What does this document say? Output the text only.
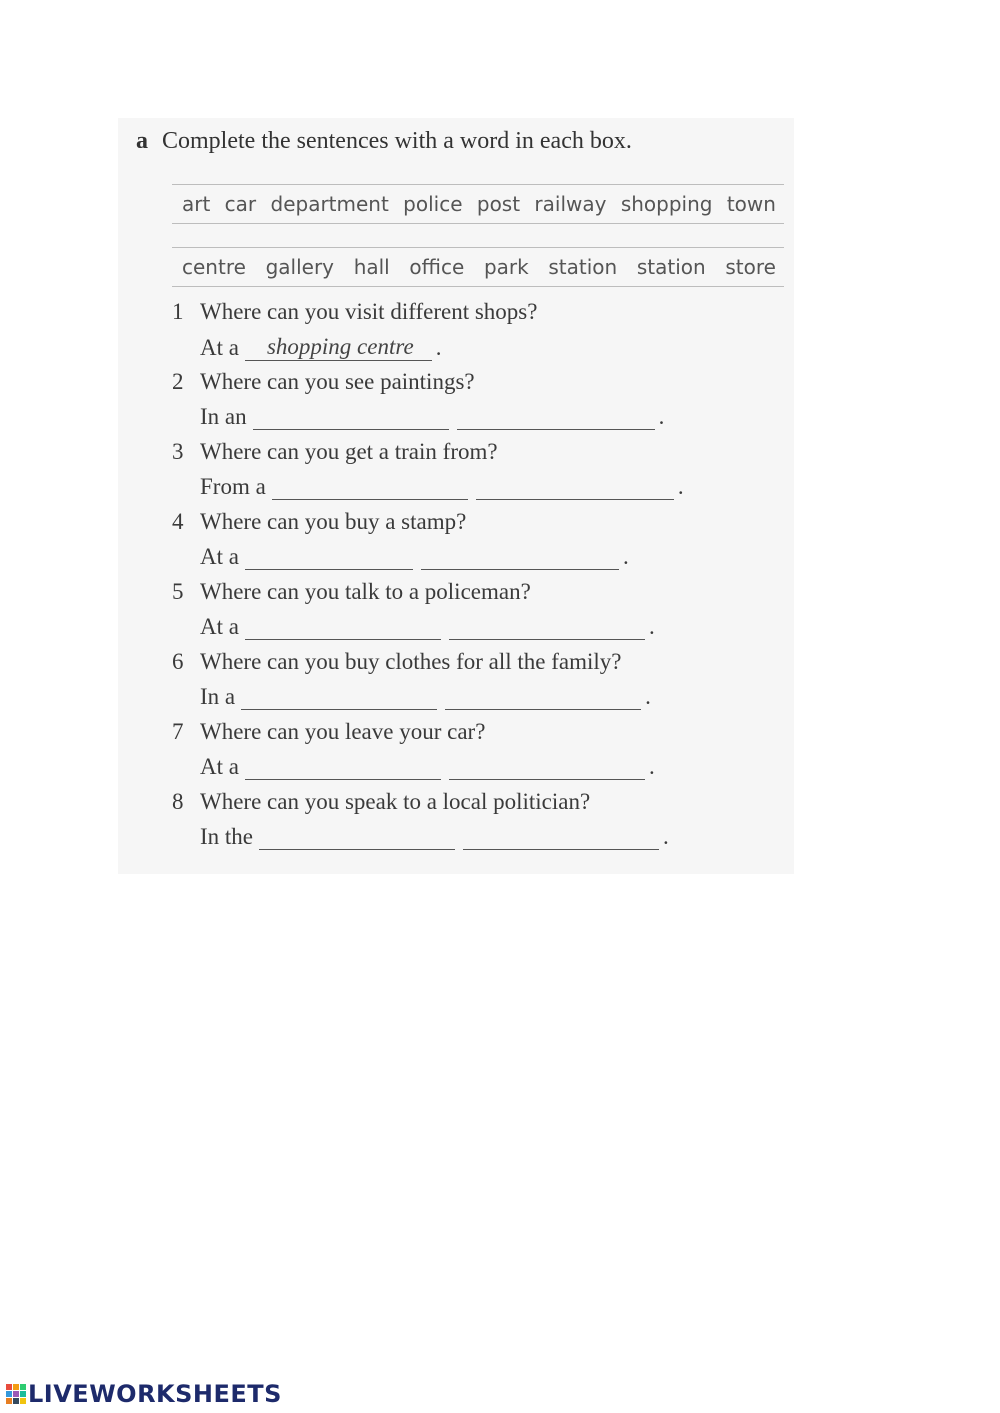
a Complete the sentences with a word in each box.
art car department police post railway shopping town
centre gallery hall office park station station store
1 Where can you visit different shops?
At a	shopping centre .
2 Where can you see paintings?
In an	.
3 Where can you get a train from?
From a	.
4 Where can you buy a stamp?
At a	.
5 Where can you talk to a policeman?
At a	.
6 Where can you buy clothes for all the family?
In a	.
7 Where can you leave your car?
At a	.
8 Where can you speak to a local politician?
In the	.
LIVEWORKSHEETS
